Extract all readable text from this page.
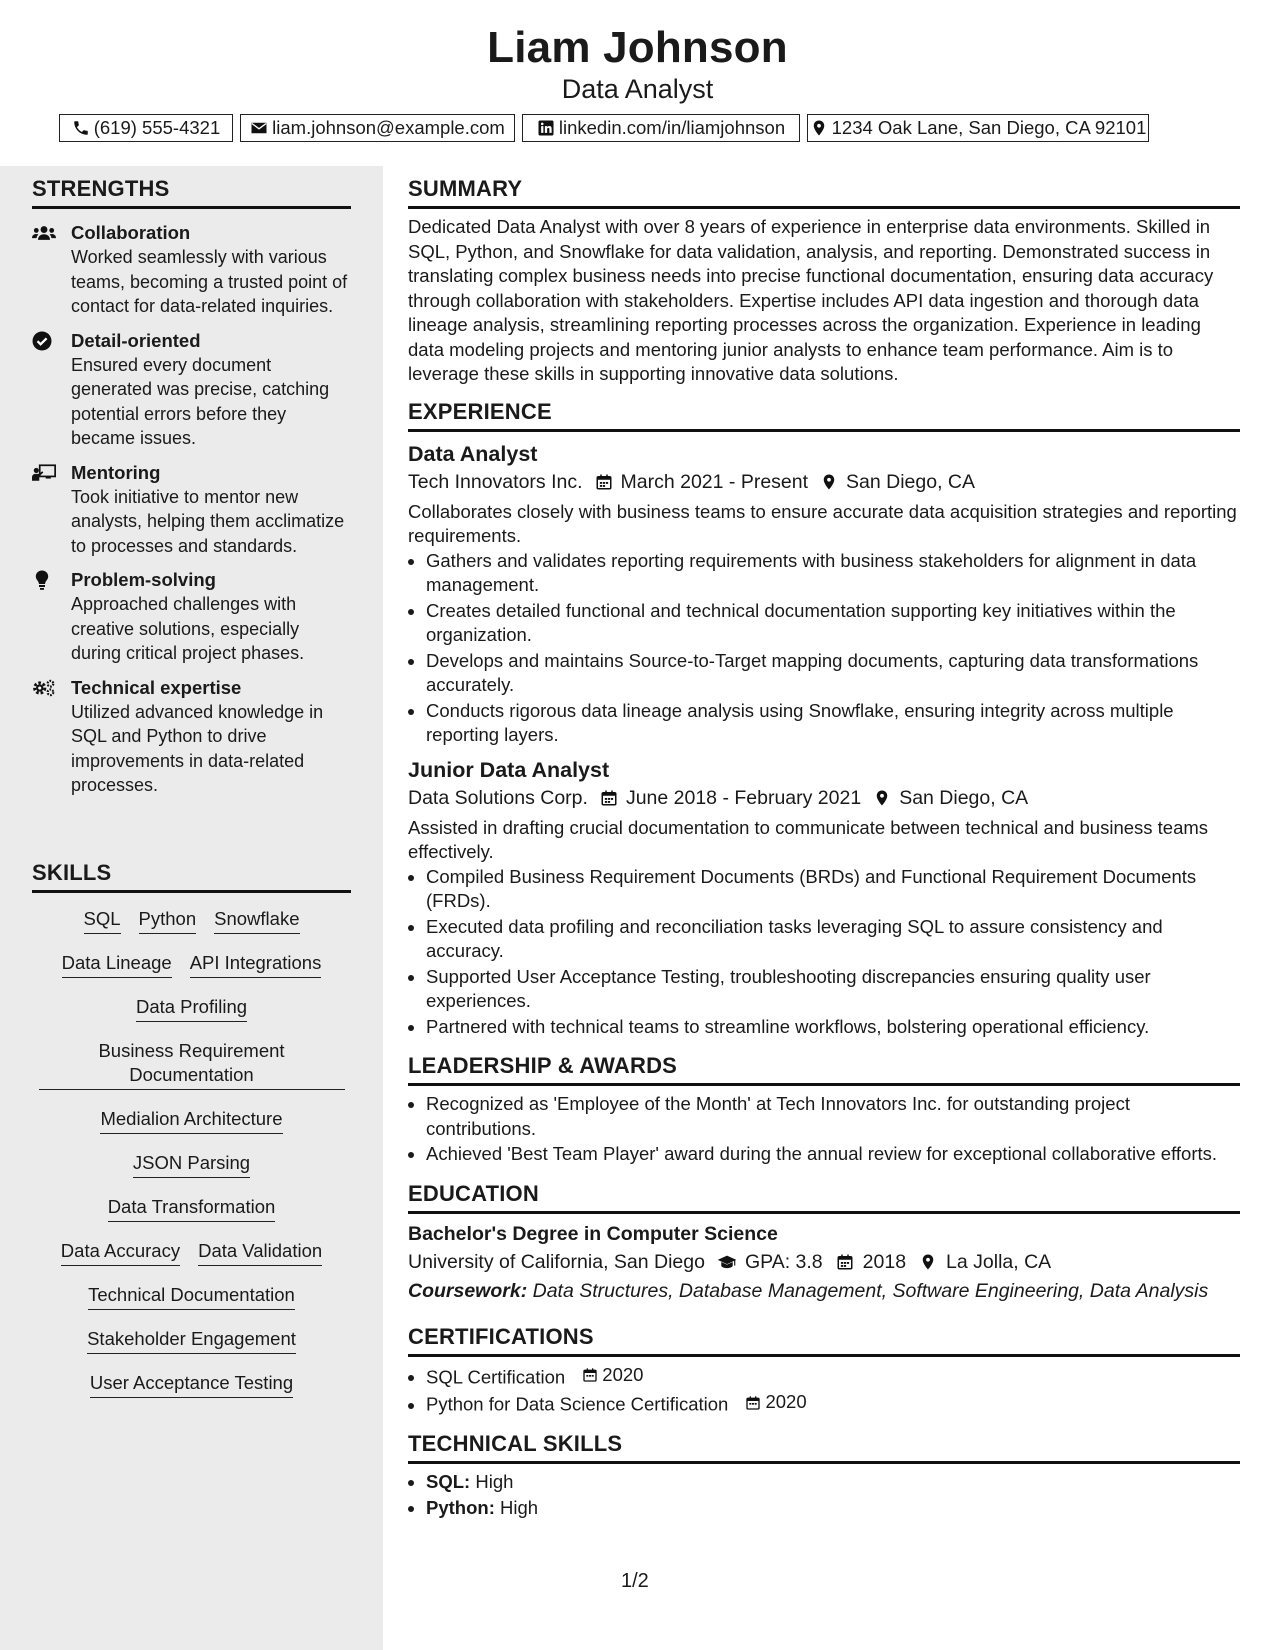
Liam Johnson
Data Analyst
(619) 555-4321	liam.johnson@example.com	linkedin.com/in/liamjohnson	1234 Oak Lane, San Diego, CA 92101
STRENGTHS
Collaboration
Worked seamlessly with various teams, becoming a trusted point of contact for data-related inquiries.
Detail-oriented
Ensured every document generated was precise, catching potential errors before they became issues.
Mentoring
Took initiative to mentor new analysts, helping them acclimatize to processes and standards.
Problem-solving
Approached challenges with creative solutions, especially during critical project phases.
Technical expertise
Utilized advanced knowledge in SQL and Python to drive improvements in data-related processes.
SKILLS
SQL Python Snowflake
Data Lineage API Integrations
Data Profiling
Business Requirement Documentation
Medialion Architecture
JSON Parsing
Data Transformation
Data Accuracy Data Validation
Technical Documentation
Stakeholder Engagement
User Acceptance Testing
SUMMARY

Dedicated Data Analyst with over 8 years of experience in enterprise data environments. Skilled in SQL, Python, and Snowflake for data validation, analysis, and reporting. Demonstrated success in translating complex business needs into precise functional documentation, ensuring data accuracy through collaboration with stakeholders. Expertise includes API data ingestion and thorough data lineage analysis, streamlining reporting processes across the organization. Experience in leading data modeling projects and mentoring junior analysts to enhance team performance. Aim is to leverage these skills in supporting innovative data solutions.

EXPERIENCE
Data Analyst
Tech Innovators Inc. March 2021 - Present San Diego, CA

Collaborates closely with business teams to ensure accurate data acquisition strategies and reporting requirements.

• Gathers and validates reporting requirements with business stakeholders for alignment in data management.
• Creates detailed functional and technical documentation supporting key initiatives within the organization.
• Develops and maintains Source-to-Target mapping documents, capturing data transformations accurately.
• Conducts rigorous data lineage analysis using Snowflake, ensuring integrity across multiple reporting layers.
Junior Data Analyst
Data Solutions Corp. June 2018 - February 2021 San Diego, CA

Assisted in drafting crucial documentation to communicate between technical and business teams effectively.

• Compiled Business Requirement Documents (BRDs) and Functional Requirement Documents (FRDs).
• Executed data profiling and reconciliation tasks leveraging SQL to assure consistency and accuracy.
• Supported User Acceptance Testing, troubleshooting discrepancies ensuring quality user experiences.
• Partnered with technical teams to streamline workflows, bolstering operational efficiency.
LEADERSHIP & AWARDS
• Recognized as 'Employee of the Month' at Tech Innovators Inc. for outstanding project contributions.
• Achieved 'Best Team Player' award during the annual review for exceptional collaborative efforts.
EDUCATION
Bachelor's Degree in Computer Science
University of California, San Diego GPA: 3.8 2018 La Jolla, CA
Coursework: Data Structures, Database Management, Software Engineering, Data Analysis
CERTIFICATIONS
• SQL Certification 2020
• Python for Data Science Certification 2020
TECHNICAL SKILLS
• SQL: High
• Python: High
1/2
